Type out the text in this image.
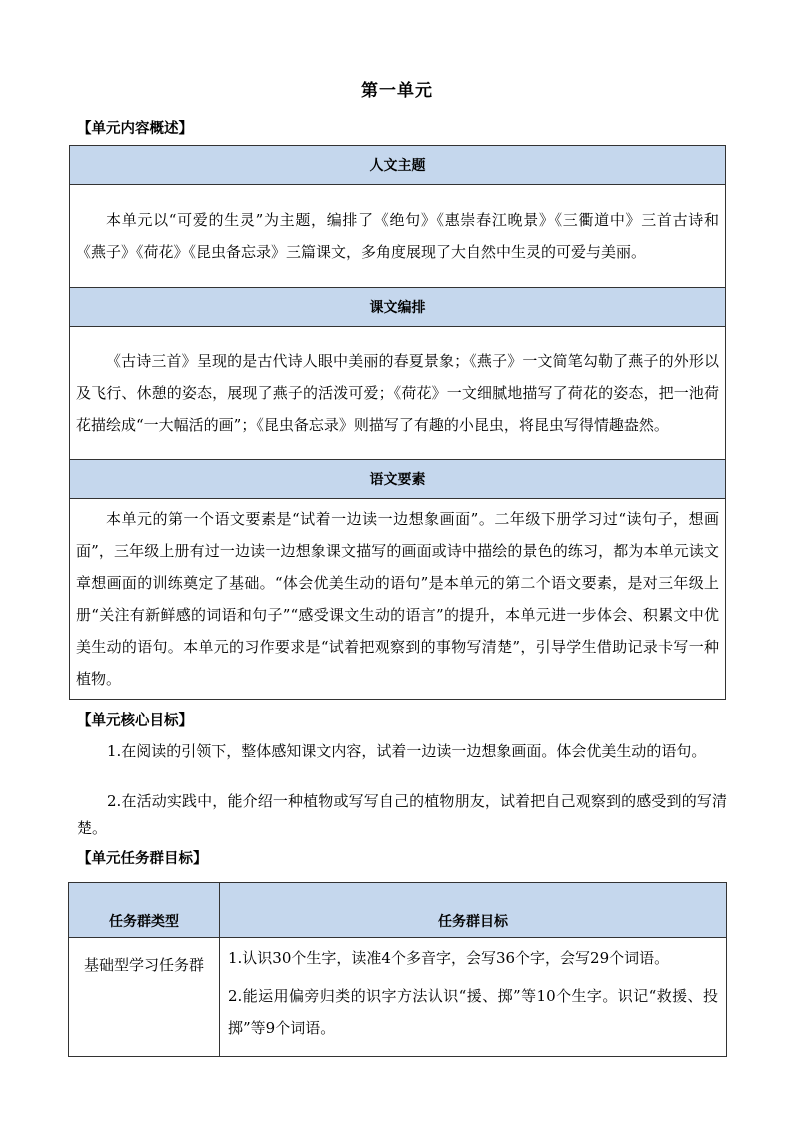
第一单元
【单元内容概述】
人文主题
本单元以“可爱的生灵”为主题，编排了《绝句》《惠崇春江晚景》《三衢道中》三首古诗和《燕子》《荷花》《昆虫备忘录》三篇课文，多角度展现了大自然中生灵的可爱与美丽。
课文编排
《古诗三首》呈现的是古代诗人眼中美丽的春夏景象；《燕子》一文简笔勾勒了燕子的外形以及飞行、休憩的姿态，展现了燕子的活泼可爱；《荷花》一文细腻地描写了荷花的姿态，把一池荷花描绘成“一大幅活的画”；《昆虫备忘录》则描写了有趣的小昆虫，将昆虫写得情趣盎然。
语文要素
本单元的第一个语文要素是“试着一边读一边想象画面”。二年级下册学习过“读句子，想画面”，三年级上册有过一边读一边想象课文描写的画面或诗中描绘的景色的练习，都为本单元读文章想画面的训练奠定了基础。“体会优美生动的语句”是本单元的第二个语文要素，是对三年级上册“关注有新鲜感的词语和句子”“感受课文生动的语言”的提升，本单元进一步体会、积累文中优美生动的语句。本单元的习作要求是“试着把观察到的事物写清楚”，引导学生借助记录卡写一种植物。
【单元核心目标】
1.在阅读的引领下，整体感知课文内容，试着一边读一边想象画面。体会优美生动的语句。
2.在活动实践中，能介绍一种植物或写写自己的植物朋友，试着把自己观察到的感受到的写清楚。
【单元任务群目标】
任务群类型	任务群目标
基础型学习任务群	1.认识30个生字，读准4个多音字，会写36个字，会写29个词语。

2.能运用偏旁归类的识字方法认识“援、掷”等10个生字。识记“救援、投掷”等9个词语。
